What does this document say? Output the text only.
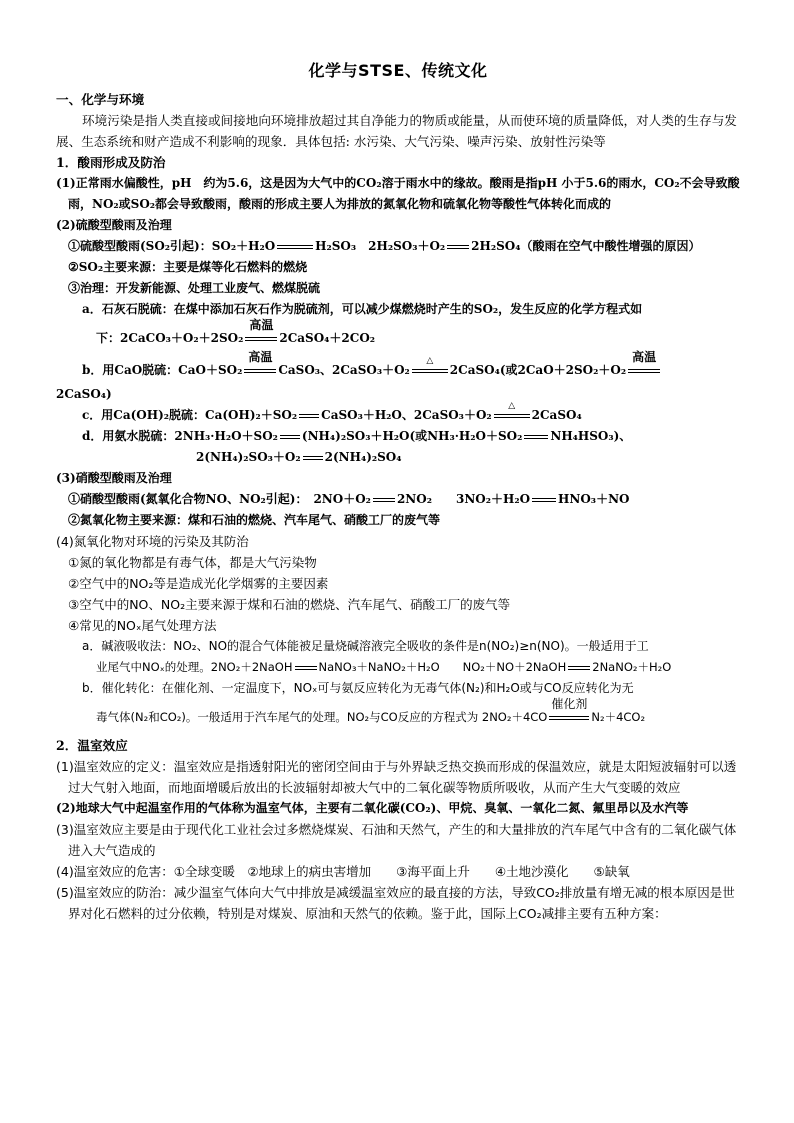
化学与STSE、传统文化
一、化学与环境
环境污染是指人类直接或间接地向环境排放超过其自净能力的物质或能量，从而使环境的质量降低，对人类的生存与发展、生态系统和财产造成不利影响的现象．具体包括: 水污染、大气污染、噪声污染、放射性污染等
1．酸雨形成及防治
(1)正常雨水偏酸性，pH　约为5.6，这是因为大气中的CO₂溶于雨水中的缘故。酸雨是指pH 小于5.6的雨水，CO₂不会导致酸雨，NO₂或SO₂都会导致酸雨，酸雨的形成主要人为排放的氮氧化物和硫氧化物等酸性气体转化而成的
(2)硫酸型酸雨及治理
①硫酸型酸雨(SO₂引起)：SO₂＋H₂O	H₂SO₃　2H₂SO₃＋O₂ 2H₂SO₄（酸雨在空气中酸性增强的原因）
②SO₂主要来源：主要是煤等化石燃料的燃烧
③治理：开发新能源、处理工业废气、燃煤脱硫
a．石灰石脱硫：在煤中添加石灰石作为脱硫剂，可以减少煤燃烧时产生的SO₂，发生反应的化学方程式如
下：2CaCO₃＋O₂＋2SO₂
高温
2CaSO₄＋2CO₂
b．用CaO脱硫：CaO＋SO₂
高温
CaSO₃、2CaSO₃＋O₂
△
2CaSO₄(或2CaO＋2SO₂＋O₂
高温
2CaSO₄)
c．用Ca(OH)₂脱硫：Ca(OH)₂＋SO₂ CaSO₃＋H₂O、2CaSO₃＋O₂
△
2CaSO₄
d．用氨水脱硫：2NH₃·H₂O＋SO₂ (NH₄)₂SO₃＋H₂O(或NH₃·H₂O＋SO₂ NH₄HSO₃)、
2(NH₄)₂SO₃＋O₂ 2(NH₄)₂SO₄
(3)硝酸型酸雨及治理
①硝酸型酸雨(氮氧化合物NO、NO₂引起)：　2NO＋O₂ 2NO₂　　3NO₂＋H₂O HNO₃＋NO
②氮氧化物主要来源：煤和石油的燃烧、汽车尾气、硝酸工厂的废气等
(4)氮氧化物对环境的污染及其防治
①氮的氧化物都是有毒气体，都是大气污染物
②空气中的NO₂等是造成光化学烟雾的主要因素
③空气中的NO、NO₂主要来源于煤和石油的燃烧、汽车尾气、硝酸工厂的废气等
④常见的NOₓ尾气处理方法
a．碱液吸收法：NO₂、NO的混合气体能被足量烧碱溶液完全吸收的条件是n(NO₂)≥n(NO)。一般适用于工
业尾气中NOₓ的处理。2NO₂＋2NaOH NaNO₃＋NaNO₂＋H₂O　　NO₂＋NO＋2NaOH 2NaNO₂＋H₂O
b．催化转化：在催化剂、一定温度下，NOₓ可与氨反应转化为无毒气体(N₂)和H₂O或与CO反应转化为无
毒气体(N₂和CO₂)。一般适用于汽车尾气的处理。NO₂与CO反应的方程式为 2NO₂＋4CO
催化剂
N₂＋4CO₂
2．温室效应
(1)温室效应的定义：温室效应是指透射阳光的密闭空间由于与外界缺乏热交换而形成的保温效应，就是太阳短波辐射可以透过大气射入地面，而地面增暖后放出的长波辐射却被大气中的二氧化碳等物质所吸收，从而产生大气变暖的效应
(2)地球大气中起温室作用的气体称为温室气体，主要有二氧化碳(CO₂)、甲烷、臭氧、一氧化二氮、氟里昂以及水汽等
(3)温室效应主要是由于现代化工业社会过多燃烧煤炭、石油和天然气，产生的和大量排放的汽车尾气中含有的二氧化碳气体进入大气造成的
(4)温室效应的危害：①全球变暖　②地球上的病虫害增加　　③海平面上升　　④土地沙漠化　　⑤缺氧
(5)温室效应的防治：减少温室气体向大气中排放是减缓温室效应的最直接的方法，导致CO₂排放量有增无减的根本原因是世界对化石燃料的过分依赖，特别是对煤炭、原油和天然气的依赖。鉴于此，国际上CO₂减排主要有五种方案：
